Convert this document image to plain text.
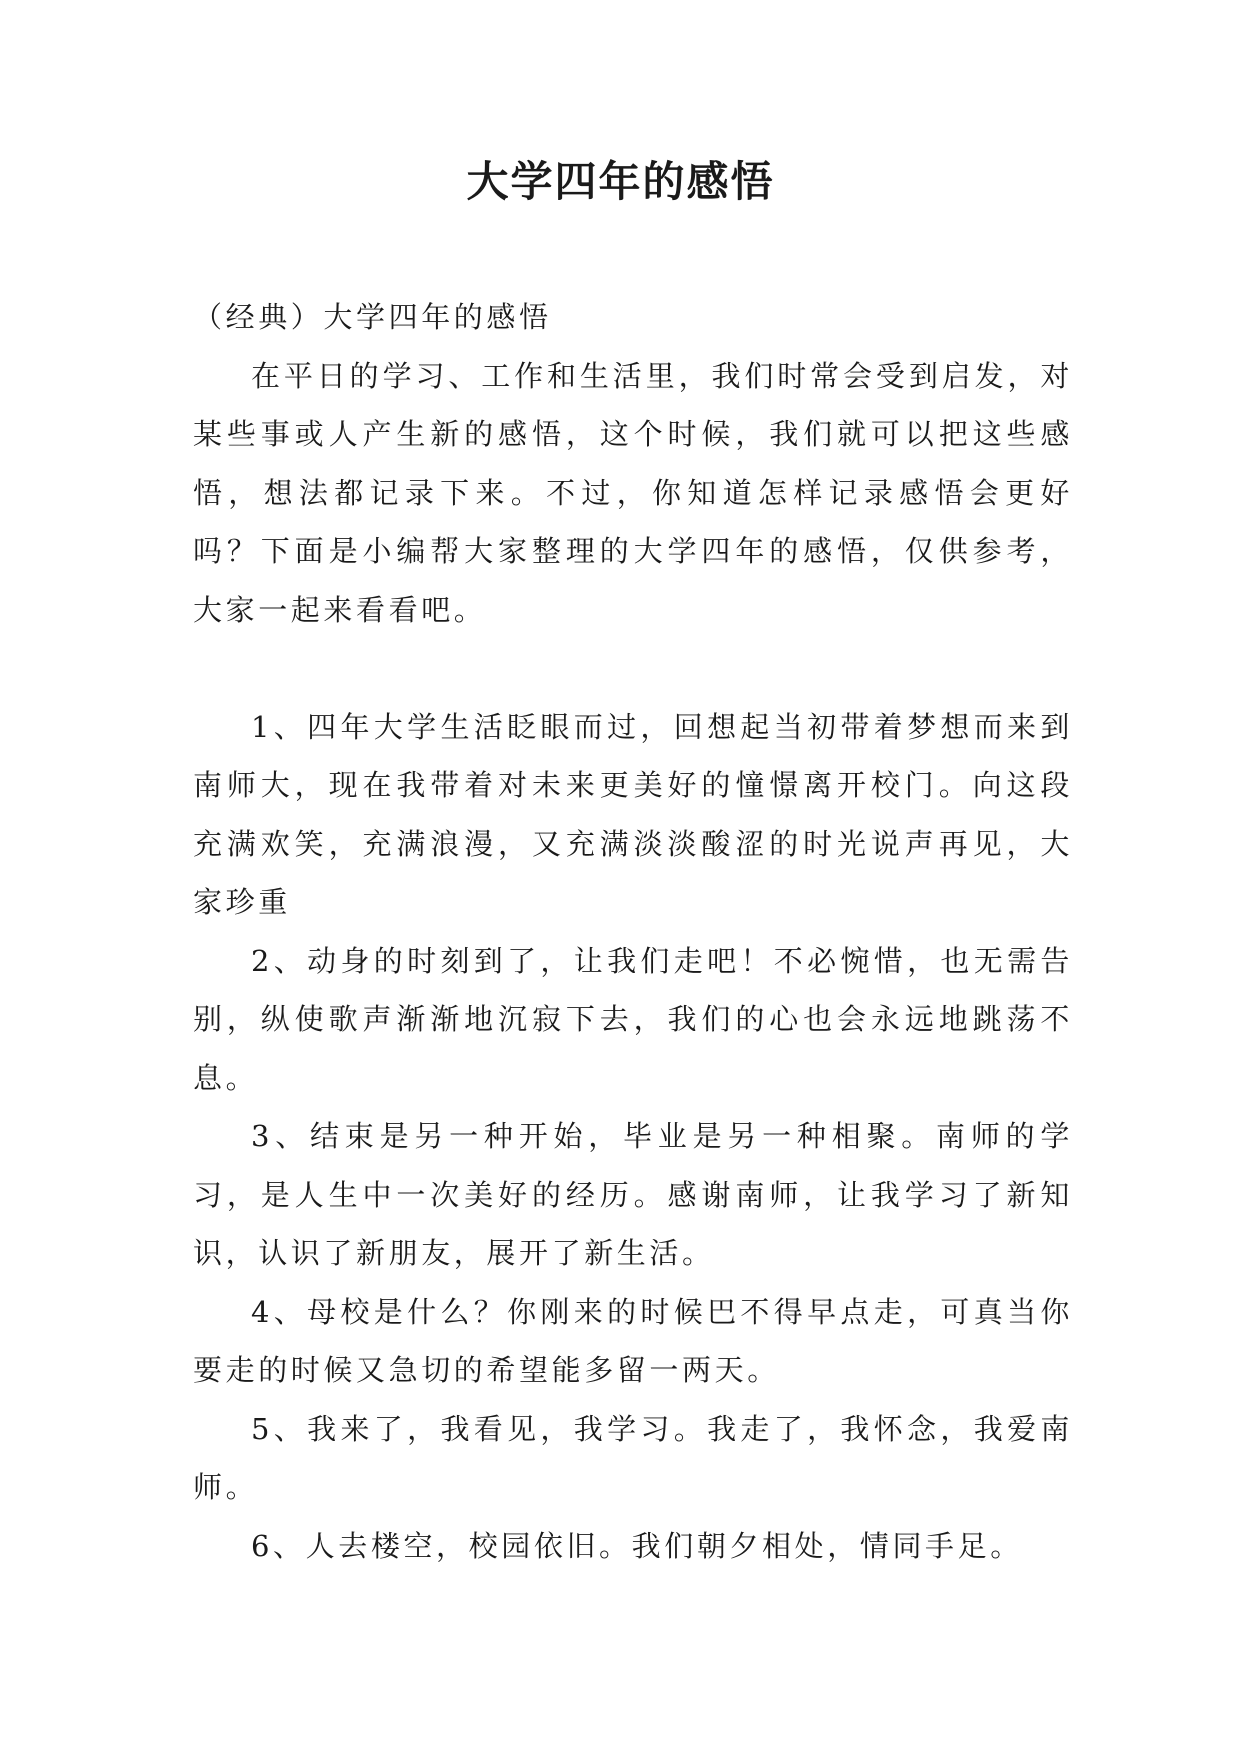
大学四年的感悟

（经典）大学四年的感悟

在平日的学习、工作和生活里，我们时常会受到启发，对某些事或人产生新的感悟，这个时候，我们就可以把这些感悟，想法都记录下来。不过，你知道怎样记录感悟会更好吗？下面是小编帮大家整理的大学四年的感悟，仅供参考，大家一起来看看吧。

1、四年大学生活眨眼而过，回想起当初带着梦想而来到南师大，现在我带着对未来更美好的憧憬离开校门。向这段充满欢笑，充满浪漫，又充满淡淡酸涩的时光说声再见，大家珍重

2、动身的时刻到了，让我们走吧！不必惋惜，也无需告别，纵使歌声渐渐地沉寂下去，我们的心也会永远地跳荡不息。

3、结束是另一种开始，毕业是另一种相聚。南师的学习，是人生中一次美好的经历。感谢南师，让我学习了新知识，认识了新朋友，展开了新生活。

4、母校是什么？你刚来的时候巴不得早点走，可真当你要走的时候又急切的希望能多留一两天。

5、我来了，我看见，我学习。我走了，我怀念，我爱南师。

6、人去楼空，校园依旧。我们朝夕相处，情同手足。
